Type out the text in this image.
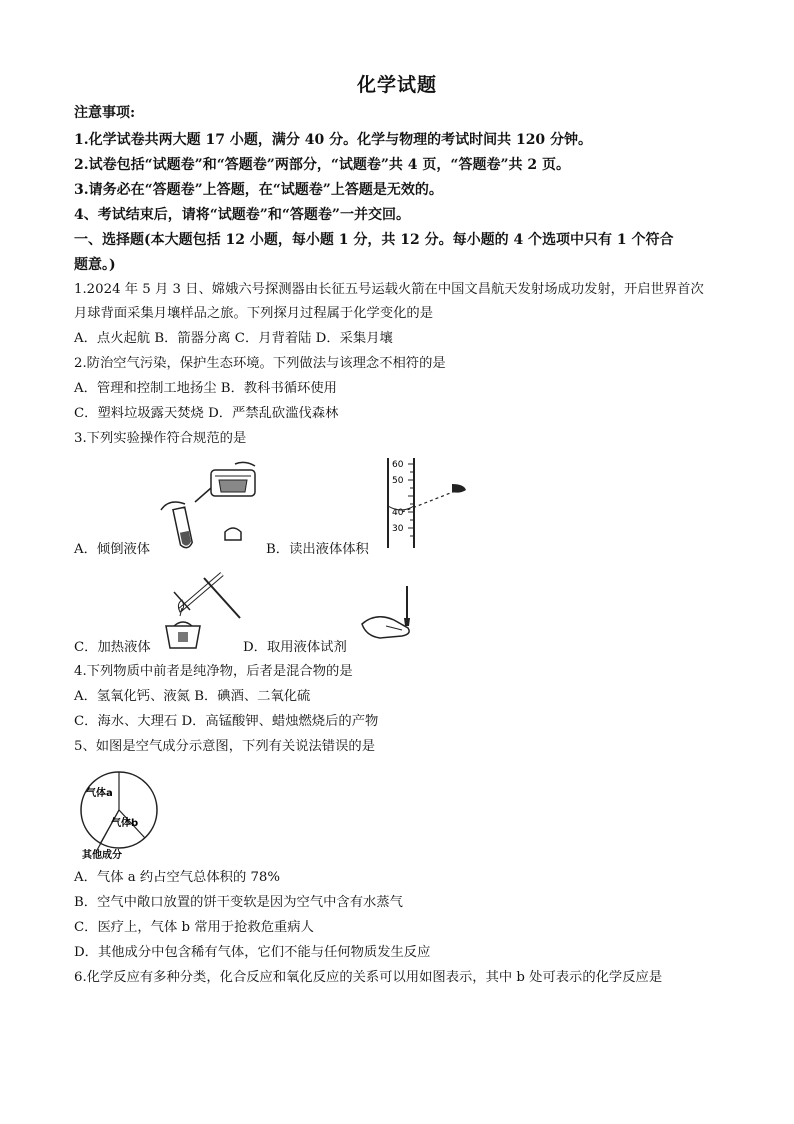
化学试题
注意事项:
1.化学试卷共两大题 17 小题，满分 40 分。化学与物理的考试时间共 120 分钟。
2.试卷包括“试题卷”和“答题卷”两部分，“试题卷”共 4 页，“答题卷”共 2 页。
3.请务必在“答题卷”上答题，在“试题卷”上答题是无效的。
4、考试结束后，请将“试题卷”和“答题卷”一并交回。
一、选择题(本大题包括 12 小题，每小题 1 分，共 12 分。每小题的 4 个选项中只有 1 个符合
题意。)
1.2024 年 5 月 3 日、嫦娥六号探测器由长征五号运载火箭在中国文昌航天发射场成功发射，开启世界首次
月球背面采集月壤样品之旅。下列探月过程属于化学变化的是
A．点火起航 B．箭器分离 C．月背着陆 D．采集月壤
2.防治空气污染，保护生态环境。下列做法与该理念不相符的是
A．管理和控制工地扬尘 B．教科书循环使用
C．塑料垃圾露天焚烧 D．严禁乱砍滥伐森林
3.下列实验操作符合规范的是
A．倾倒液体
60
50
40
30
B．读出液体体积
C．加热液体	D．取用液体试剂
4.下列物质中前者是纯净物，后者是混合物的是
A．氢氧化钙、液氮 B．碘酒、二氧化硫
C．海水、大理石 D．高锰酸钾、蜡烛燃烧后的产物
5、如图是空气成分示意图，下列有关说法错误的是
气体a
气体b
其他成分
A．气体 a 约占空气总体积的 78%
B．空气中敞口放置的饼干变软是因为空气中含有水蒸气
C．医疗上，气体 b 常用于抢救危重病人
D．其他成分中包含稀有气体，它们不能与任何物质发生反应
6.化学反应有多种分类，化合反应和氧化反应的关系可以用如图表示，其中 b 处可表示的化学反应是
